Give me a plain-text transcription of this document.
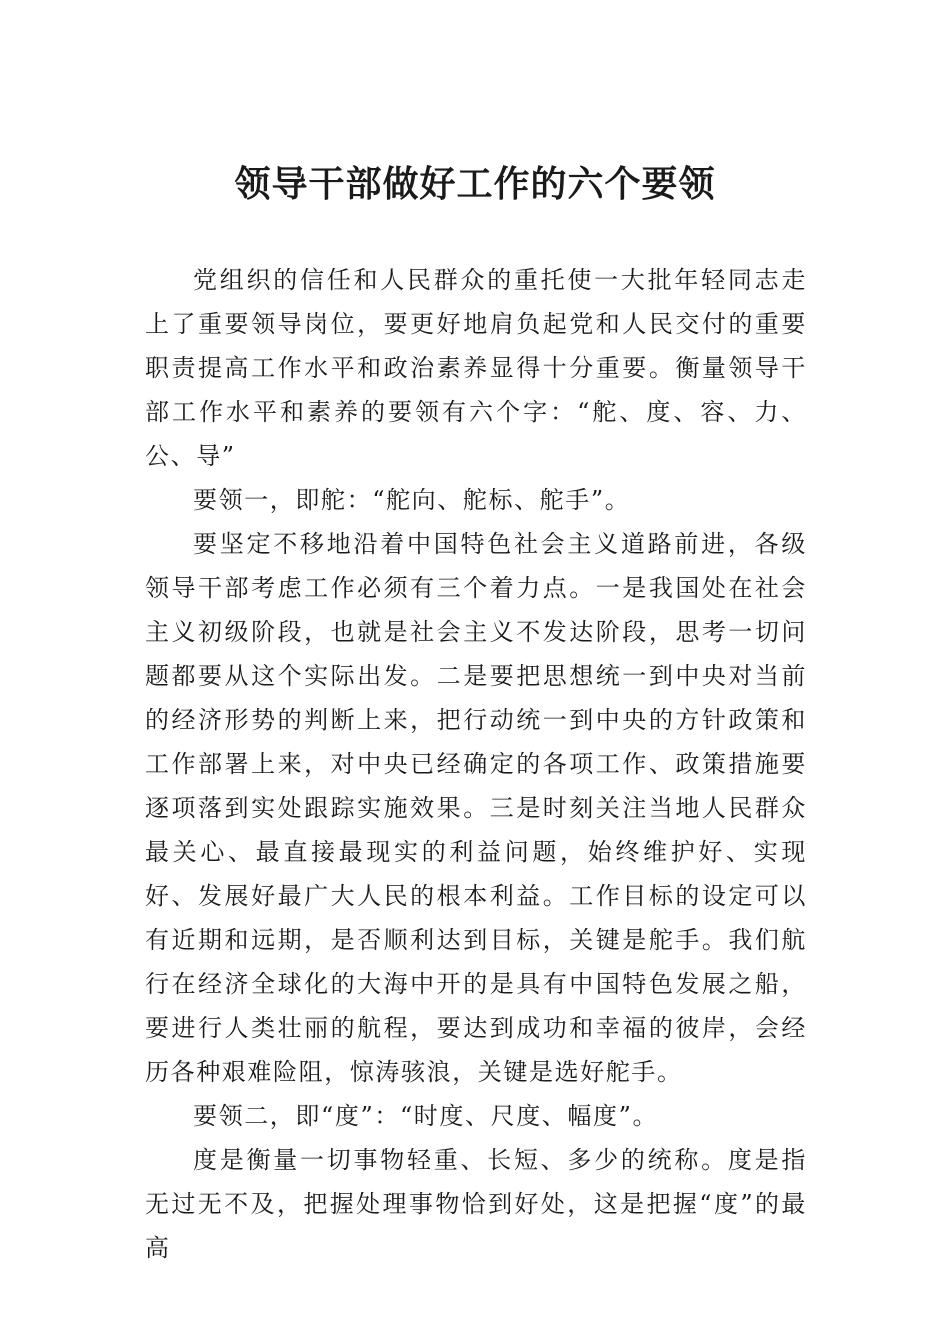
领导干部做好工作的六个要领

党组织的信任和人民群众的重托使一大批年轻同志走上了重要领导岗位，要更好地肩负起党和人民交付的重要职责提高工作水平和政治素养显得十分重要。衡量领导干部工作水平和素养的要领有六个字：“舵、度、容、力、公、导”

要领一，即舵：“舵向、舵标、舵手”。

要坚定不移地沿着中国特色社会主义道路前进，各级领导干部考虑工作必须有三个着力点。一是我国处在社会主义初级阶段，也就是社会主义不发达阶段，思考一切问题都要从这个实际出发。二是要把思想统一到中央对当前的经济形势的判断上来，把行动统一到中央的方针政策和工作部署上来，对中央已经确定的各项工作、政策措施要逐项落到实处跟踪实施效果。三是时刻关注当地人民群众最关心、最直接最现实的利益问题，始终维护好、实现好、发展好最广大人民的根本利益。工作目标的设定可以有近期和远期，是否顺利达到目标，关键是舵手。我们航行在经济全球化的大海中开的是具有中国特色发展之船，要进行人类壮丽的航程，要达到成功和幸福的彼岸，会经历各种艰难险阻，惊涛骇浪，关键是选好舵手。

要领二，即“度”：“时度、尺度、幅度”。

度是衡量一切事物轻重、长短、多少的统称。度是指无过无不及，把握处理事物恰到好处，这是把握“度”的最高
